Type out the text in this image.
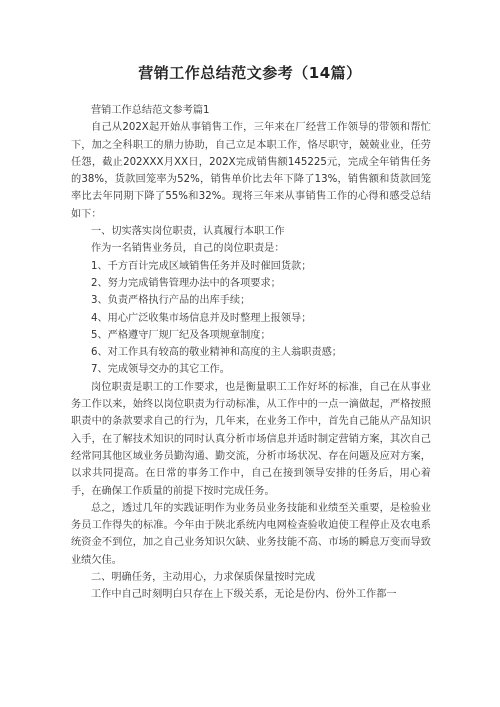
营销工作总结范文参考（14篇）

营销工作总结范文参考篇1

自己从202X起开始从事销售工作，三年来在厂经营工作领导的带领和帮忙下，加之全科职工的鼎力协助，自己立足本职工作，恪尽职守，兢兢业业，任劳任怨，截止202XXX月XX日，202X完成销售额145225元，完成全年销售任务的38%，货款回笼率为52%，销售单价比去年下降了13%，销售额和货款回笼率比去年同期下降了55%和32%。现将三年来从事销售工作的心得和感受总结如下：

一、切实落实岗位职责，认真履行本职工作

作为一名销售业务员，自己的岗位职责是：

1、千方百计完成区域销售任务并及时催回货款；

2、努力完成销售管理办法中的各项要求；

3、负责严格执行产品的出库手续；

4、用心广泛收集市场信息并及时整理上报领导；

5、严格遵守厂规厂纪及各项规章制度；

6、对工作具有较高的敬业精神和高度的主人翁职责感；

7、完成领导交办的其它工作。

岗位职责是职工的工作要求，也是衡量职工工作好坏的标准，自己在从事业务工作以来，始终以岗位职责为行动标准，从工作中的一点一滴做起，严格按照职责中的条款要求自己的行为，几年来，在业务工作中，首先自己能从产品知识入手，在了解技术知识的同时认真分析市场信息并适时制定营销方案，其次自己经常同其他区域业务员勤沟通、勤交流，分析市场状况、存在问题及应对方案，以求共同提高。在日常的事务工作中，自己在接到领导安排的任务后，用心着手，在确保工作质量的前提下按时完成任务。

总之，透过几年的实践证明作为业务员业务技能和业绩至关重要，是检验业务员工作得失的标准。今年由于陕北系统内电网检查验收迫使工程停止及农电系统资金不到位，加之自己业务知识欠缺、业务技能不高、市场的瞬息万变而导致业绩欠佳。

二、明确任务，主动用心，力求保质保量按时完成

工作中自己时刻明白只存在上下级关系，无论是份内、份外工作都一
